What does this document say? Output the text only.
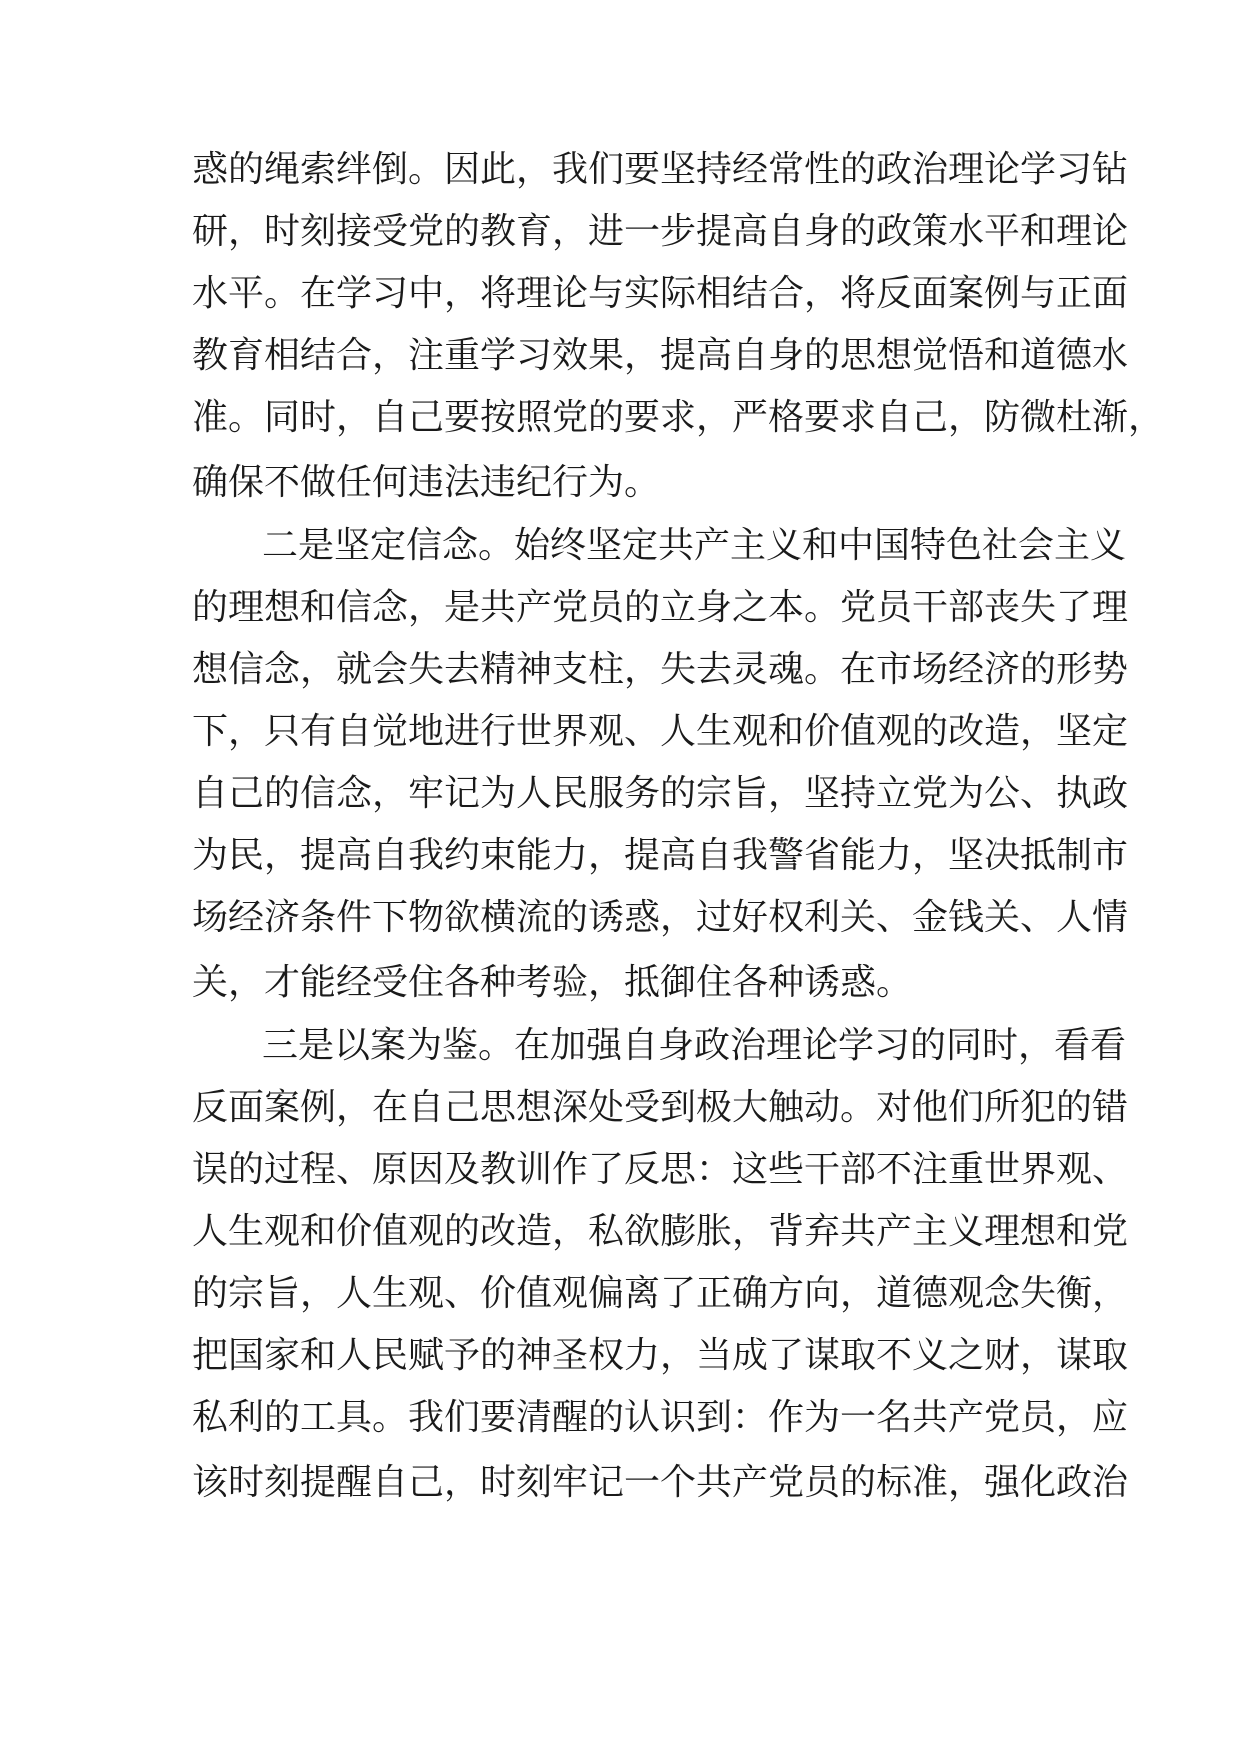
惑的绳索绊倒。因此，我们要坚持经常性的政治理论学习钻
研，时刻接受党的教育，进一步提高自身的政策水平和理论
水平。在学习中，将理论与实际相结合，将反面案例与正面
教育相结合，注重学习效果，提高自身的思想觉悟和道德水
准。同时，自己要按照党的要求，严格要求自己，防微杜渐，
确保不做任何违法违纪行为。
二是坚定信念。始终坚定共产主义和中国特色社会主义
的理想和信念，是共产党员的立身之本。党员干部丧失了理
想信念，就会失去精神支柱，失去灵魂。在市场经济的形势
下，只有自觉地进行世界观、人生观和价值观的改造，坚定
自己的信念，牢记为人民服务的宗旨，坚持立党为公、执政
为民，提高自我约束能力，提高自我警省能力，坚决抵制市
场经济条件下物欲横流的诱惑，过好权利关、金钱关、人情
关，才能经受住各种考验，抵御住各种诱惑。
三是以案为鉴。在加强自身政治理论学习的同时，看看
反面案例，在自己思想深处受到极大触动。对他们所犯的错
误的过程、原因及教训作了反思：这些干部不注重世界观、
人生观和价值观的改造，私欲膨胀，背弃共产主义理想和党
的宗旨，人生观、价值观偏离了正确方向，道德观念失衡，
把国家和人民赋予的神圣权力，当成了谋取不义之财，谋取
私利的工具。我们要清醒的认识到：作为一名共产党员，应
该时刻提醒自己，时刻牢记一个共产党员的标准，强化政治
